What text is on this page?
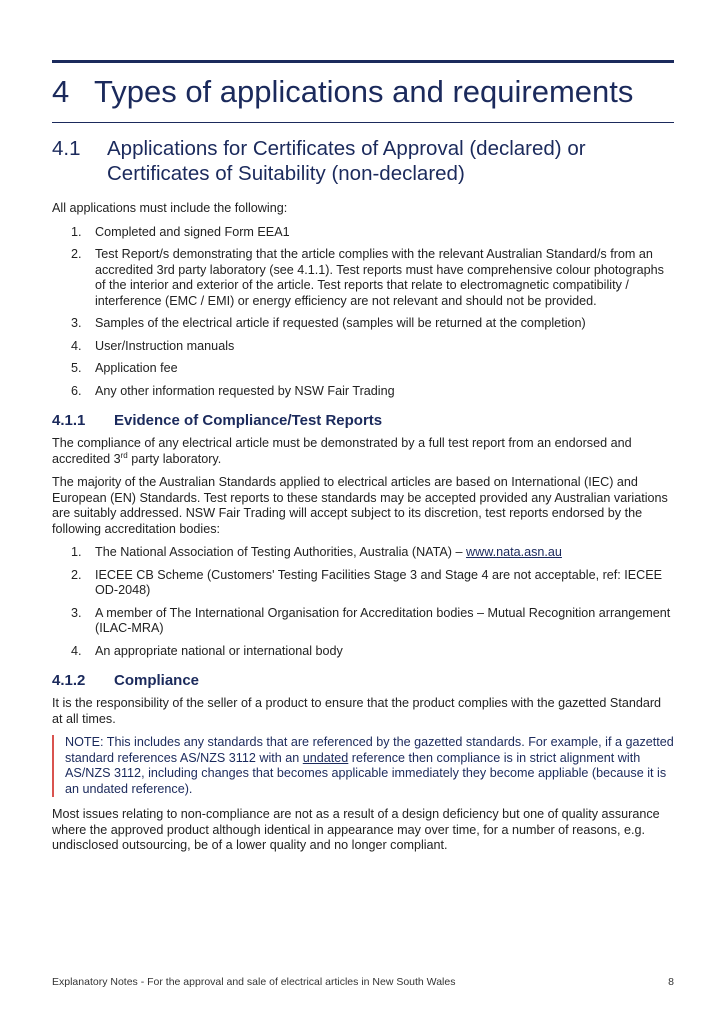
4 Types of applications and requirements
4.1 Applications for Certificates of Approval (declared) or Certificates of Suitability (non-declared)

All applications must include the following:

1. Completed and signed Form EEA1
2. Test Report/s demonstrating that the article complies with the relevant Australian Standard/s from an accredited 3rd party laboratory (see 4.1.1). Test reports must have comprehensive colour photographs of the interior and exterior of the article. Test reports that relate to electromagnetic compatibility / interference (EMC / EMI) or energy efficiency are not relevant and should not be provided.
3. Samples of the electrical article if requested (samples will be returned at the completion)
4. User/Instruction manuals
5. Application fee
6. Any other information requested by NSW Fair Trading
4.1.1 Evidence of Compliance/Test Reports

The compliance of any electrical article must be demonstrated by a full test report from an endorsed and accredited 3rd party laboratory.

The majority of the Australian Standards applied to electrical articles are based on International (IEC) and European (EN) Standards. Test reports to these standards may be accepted provided any Australian variations are suitably addressed. NSW Fair Trading will accept subject to its discretion, test reports endorsed by the following accreditation bodies:

1. The National Association of Testing Authorities, Australia (NATA) – www.nata.asn.au
2. IECEE CB Scheme (Customers' Testing Facilities Stage 3 and Stage 4 are not acceptable, ref: IECEE OD-2048)
3. A member of The International Organisation for Accreditation bodies – Mutual Recognition arrangement (ILAC-MRA)
4. An appropriate national or international body
4.1.2 Compliance

It is the responsibility of the seller of a product to ensure that the product complies with the gazetted Standard at all times.

NOTE: This includes any standards that are referenced by the gazetted standards. For example, if a gazetted standard references AS/NZS 3112 with an undated reference then compliance is in strict alignment with AS/NZS 3112, including changes that becomes applicable immediately they become appliable (because it is an undated reference).

Most issues relating to non-compliance are not as a result of a design deficiency but one of quality assurance where the approved product although identical in appearance may over time, for a number of reasons, e.g. undisclosed outsourcing, be of a lower quality and no longer compliant.

Explanatory Notes - For the approval and sale of electrical articles in New South Wales	8
